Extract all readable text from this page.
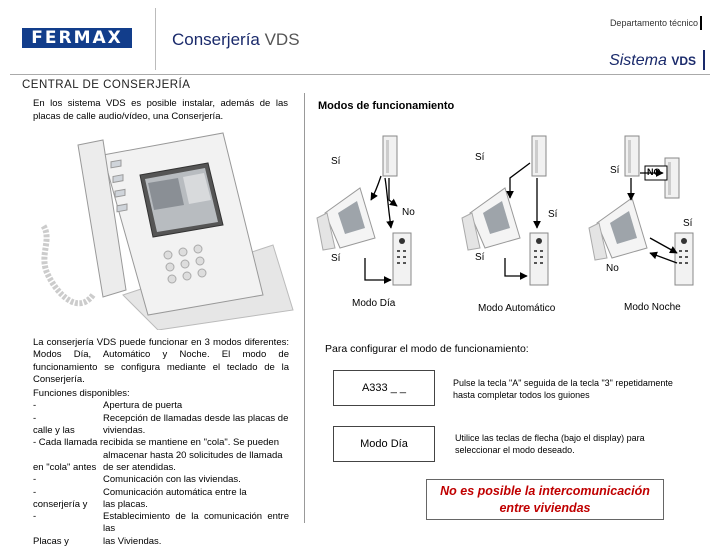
FERMAX	Conserjería VDS
Departamento técnico
Sistema VDS
CENTRAL DE CONSERJERÍA
En los sistema VDS es posible instalar, además de las placas de calle audio/vídeo, una Conserjería.
La conserjería VDS puede funcionar en 3 modos diferentes: Modos Día, Automático y Noche. El modo de funcionamiento se configura mediante el teclado de la Conserjería.
Funciones disponibles:
-	Apertura de puerta
-	Recepción de llamadas desde las placas de
calle y las	viviendas.
- Cada llamada recibida se mantiene en "cola". Se pueden
almacenar hasta 20 solicitudes de llamada
en "cola" antes de ser atendidas.
-	Comunicación con las viviendas.
-	Comunicación automática entre la
conserjería y	las placas.
-	Establecimiento de la comunicación entre las
Placas y	las Viviendas.
Modos de funcionamiento
Sí	Sí
No
Sí
Sí
Sí
Sí	NO
Sí
No
Modo Día	Modo Automático	Modo Noche
Para configurar el modo de funcionamiento:
A333 _ _	Pulse la tecla "A" seguida de la tecla "3" repetidamente hasta completar todos los guiones
Modo Día	Utilice las teclas de flecha (bajo el display) para seleccionar el modo deseado.
No es posible la intercomunicación entre viviendas
